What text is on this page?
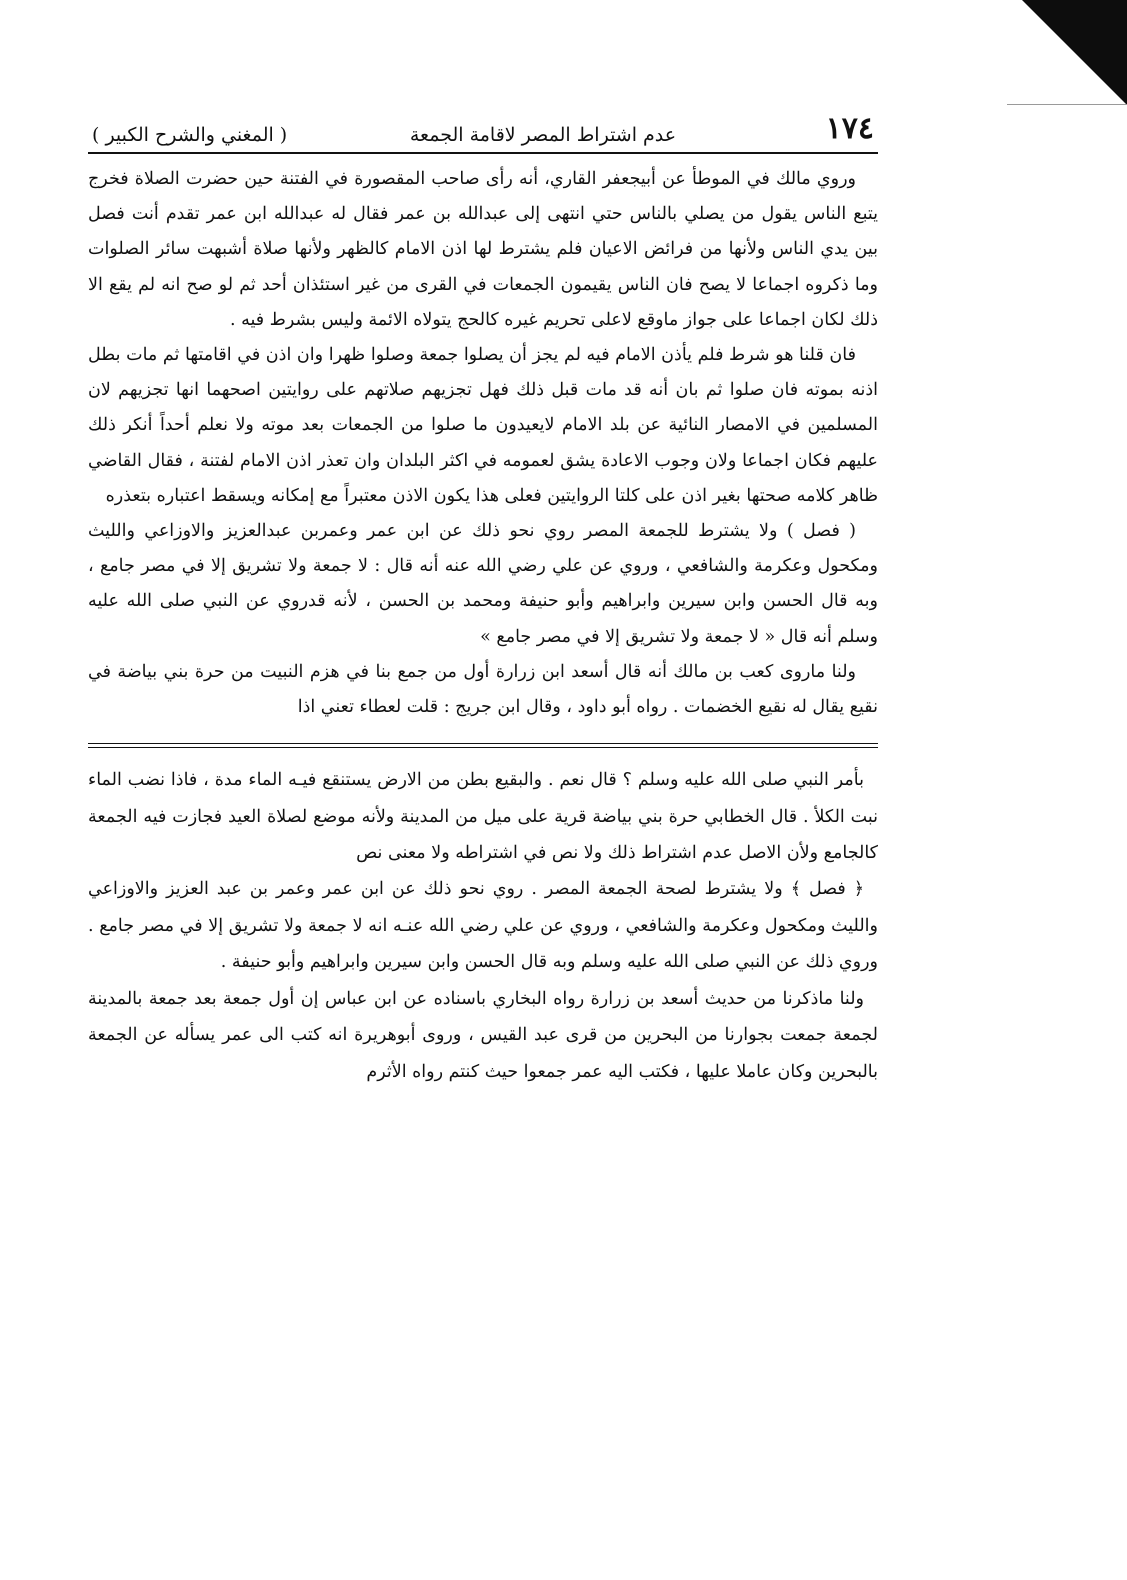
١٧٤
عدم اشتراط المصر لاقامة الجمعة
( المغني والشرح الكبير )

وروي مالك في الموطأ عن أبيجعفر القاري، أنه رأى صاحب المقصورة في الفتنة حين حضرت الصلاة فخرج يتبع الناس يقول من يصلي بالناس حتي انتهى إلى عبدالله بن عمر فقال له عبدالله ابن عمر تقدم أنت فصل بين يدي الناس ولأنها من فرائض الاعيان فلم يشترط لها اذن الامام كالظهر ولأنها صلاة أشبهت سائر الصلوات وما ذكروه اجماعا لا يصح فان الناس يقيمون الجمعات في القرى من غير استئذان أحد ثم لو صح انه لم يقع الا ذلك لكان اجماعا على جواز ماوقع لاعلى تحريم غيره كالحج يتولاه الائمة وليس بشرط فيه .

فان قلنا هو شرط فلم يأذن الامام فيه لم يجز أن يصلوا جمعة وصلوا ظهرا وان اذن في اقامتها ثم مات بطل اذنه بموته فان صلوا ثم بان أنه قد مات قبل ذلك فهل تجزيهم صلاتهم على روايتين اصحهما انها تجزيهم لان المسلمين في الامصار النائية عن بلد الامام لايعيدون ما صلوا من الجمعات بعد موته ولا نعلم أحداً أنكر ذلك عليهم فكان اجماعا ولان وجوب الاعادة يشق لعمومه في اكثر البلدان وان تعذر اذن الامام لفتنة ، فقال القاضي ظاهر كلامه صحتها بغير اذن على كلتا الروايتين فعلى هذا يكون الاذن معتبراً مع إمكانه ويسقط اعتباره بتعذره

( فصل ) ولا يشترط للجمعة المصر روي نحو ذلك عن ابن عمر وعمربن عبدالعزيز والاوزاعي والليث ومكحول وعكرمة والشافعي ، وروي عن علي رضي الله عنه أنه قال : لا جمعة ولا تشريق إلا في مصر جامع ، وبه قال الحسن وابن سيرين وابراهيم وأبو حنيفة ومحمد بن الحسن ، لأنه قدروي عن النبي صلى الله عليه وسلم أنه قال « لا جمعة ولا تشريق إلا في مصر جامع »

ولنا ماروى كعب بن مالك أنه قال أسعد ابن زرارة أول من جمع بنا في هزم النبيت من حرة بني بياضة في نقيع يقال له نقيع الخضمات . رواه أبو داود ، وقال ابن جريج : قلت لعطاء تعني اذا

بأمر النبي صلى الله عليه وسلم ؟ قال نعم . والبقيع بطن من الارض يستنقع فيـه الماء مدة ، فاذا نضب الماء نبت الكلأ . قال الخطابي حرة بني بياضة قرية على ميل من المدينة ولأنه موضع لصلاة العيد فجازت فيه الجمعة كالجامع ولأن الاصل عدم اشتراط ذلك ولا نص في اشتراطه ولا معنى نص

﴿ فصل ﴾ ولا يشترط لصحة الجمعة المصر . روي نحو ذلك عن ابن عمر وعمر بن عبد العزيز والاوزاعي والليث ومكحول وعكرمة والشافعي ، وروي عن علي رضي الله عنـه انه لا جمعة ولا تشريق إلا في مصر جامع . وروي ذلك عن النبي صلى الله عليه وسلم وبه قال الحسن وابن سيرين وابراهيم وأبو حنيفة .

ولنا ماذكرنا من حديث أسعد بن زرارة رواه البخاري باسناده عن ابن عباس إن أول جمعة بعد جمعة بالمدينة لجمعة جمعت بجوارنا من البحرين من قرى عبد القيس ، وروى أبوهريرة انه كتب الى عمر يسأله عن الجمعة بالبحرين وكان عاملا عليها ، فكتب اليه عمر جمعوا حيث كنتم رواه الأثرم
